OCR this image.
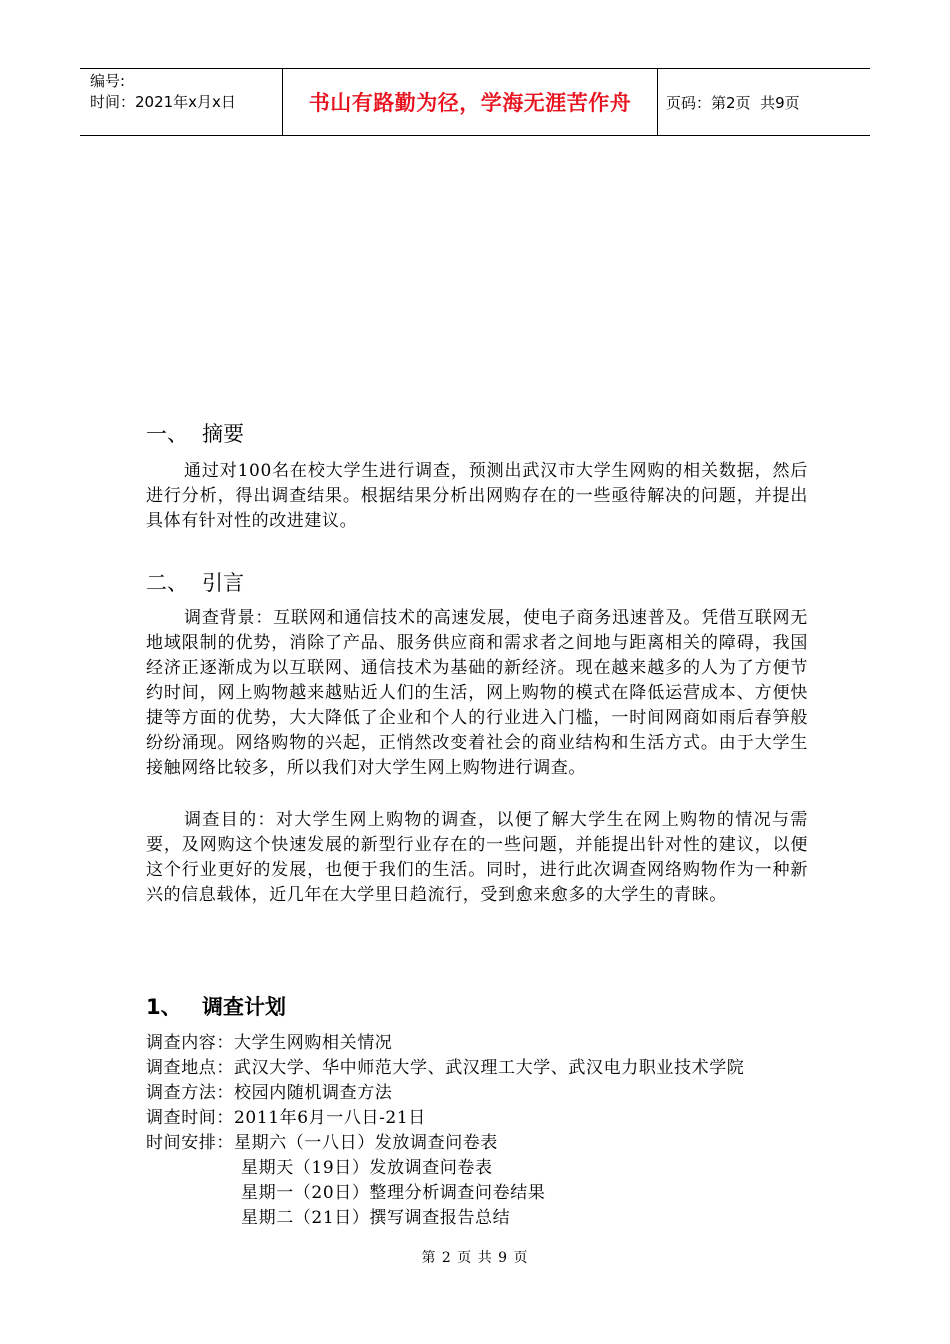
编号:
时间：2021年x月x日	书山有路勤为径，学海无涯苦作舟	页码：第2页  共9页
一、 摘要
通过对100名在校大学生进行调查，预测出武汉市大学生网购的相关数据，然后进行分析，得出调查结果。根据结果分析出网购存在的一些亟待解决的问题，并提出具体有针对性的改进建议。
二、 引言
调查背景：互联网和通信技术的高速发展，使电子商务迅速普及。凭借互联网无地域限制的优势，消除了产品、服务供应商和需求者之间地与距离相关的障碍，我国经济正逐渐成为以互联网、通信技术为基础的新经济。现在越来越多的人为了方便节约时间，网上购物越来越贴近人们的生活，网上购物的模式在降低运营成本、方便快捷等方面的优势，大大降低了企业和个人的行业进入门槛，一时间网商如雨后春笋般纷纷涌现。网络购物的兴起，正悄然改变着社会的商业结构和生活方式。由于大学生接触网络比较多，所以我们对大学生网上购物进行调查。
调查目的：对大学生网上购物的调查，以便了解大学生在网上购物的情况与需要，及网购这个快速发展的新型行业存在的一些问题，并能提出针对性的建议，以便这个行业更好的发展，也便于我们的生活。同时，进行此次调查网络购物作为一种新兴的信息载体，近几年在大学里日趋流行，受到愈来愈多的大学生的青睐。
1、 调查计划
调查内容：大学生网购相关情况
调查地点：武汉大学、华中师范大学、武汉理工大学、武汉电力职业技术学院
调查方法：校园内随机调查方法
调查时间：2011年6月一八日-21日
时间安排：星期六（一八日）发放调查问卷表
星期天（19日）发放调查问卷表
星期一（20日）整理分析调查问卷结果
星期二（21日）撰写调查报告总结
第 2 页 共 9 页
